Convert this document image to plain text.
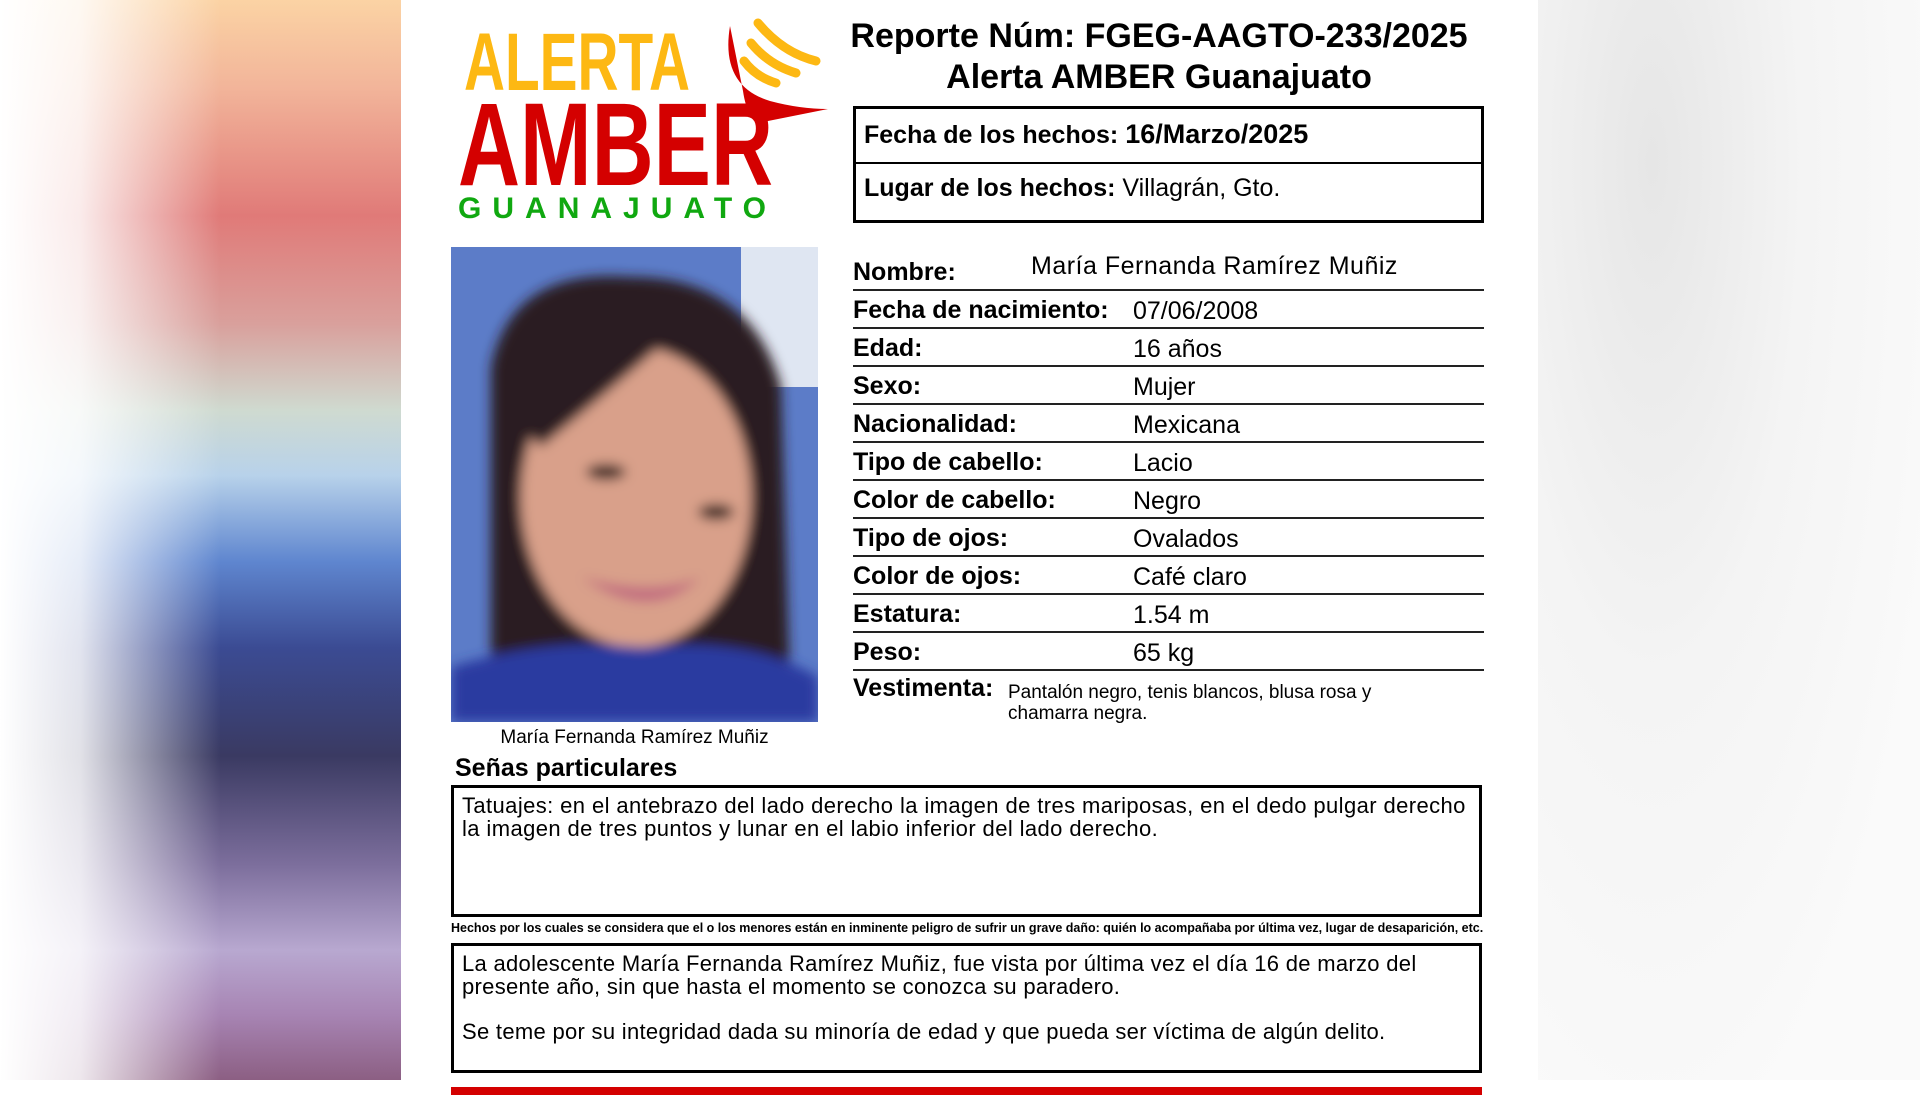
ALERTA
AMBER
GUANAJUATO
Reporte Núm: FGEG-AAGTO-233/2025
Alerta AMBER Guanajuato
Fecha de los hechos: 16/Marzo/2025
Lugar de los hechos: Villagrán, Gto.
María Fernanda Ramírez Muñiz
Nombre:	María Fernanda Ramírez Muñiz
Fecha de nacimiento: 07/06/2008
Edad:	16 años
Sexo:	Mujer
Nacionalidad:	Mexicana
Tipo de cabello:	Lacio
Color de cabello:	Negro
Tipo de ojos:	Ovalados
Color de ojos:	Café claro
Estatura:	1.54 m
Peso:	65 kg
Vestimenta: Pantalón negro, tenis blancos, blusa rosa y chamarra negra.
Señas particulares
Tatuajes: en el antebrazo del lado derecho la imagen de tres mariposas, en el dedo pulgar derecho la imagen de tres puntos y lunar en el labio inferior del lado derecho.
Hechos por los cuales se considera que el o los menores están en inminente peligro de sufrir un grave daño: quién lo acompañaba por última vez, lugar de desaparición, etc.

La adolescente María Fernanda Ramírez Muñiz, fue vista por última vez el día 16 de marzo del presente año, sin que hasta el momento se conozca su paradero.

Se teme por su integridad dada su minoría de edad y que pueda ser víctima de algún delito.
